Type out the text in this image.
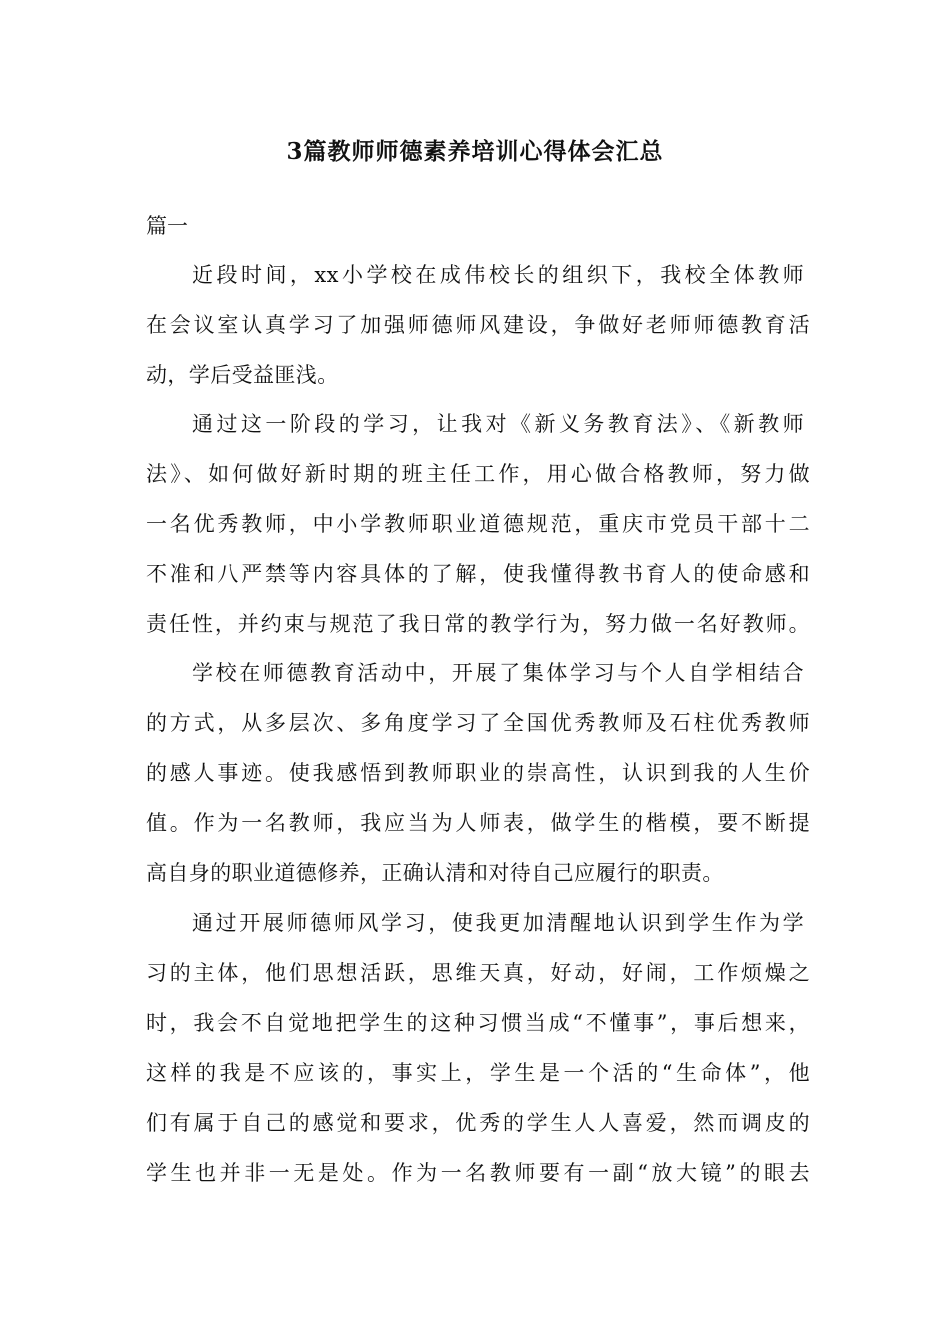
3篇教师师德素养培训心得体会汇总
篇一
近段时间，xx小学校在成伟校长的组织下，我校全体教师
在会议室认真学习了加强师德师风建设，争做好老师师德教育活
动，学后受益匪浅。
通过这一阶段的学习，让我对《新义务教育法》、《新教师
法》、如何做好新时期的班主任工作，用心做合格教师，努力做
一名优秀教师，中小学教师职业道德规范，重庆市党员干部十二
不准和八严禁等内容具体的了解，使我懂得教书育人的使命感和
责任性，并约束与规范了我日常的教学行为，努力做一名好教师。
学校在师德教育活动中，开展了集体学习与个人自学相结合
的方式，从多层次、多角度学习了全国优秀教师及石柱优秀教师
的感人事迹。使我感悟到教师职业的崇高性，认识到我的人生价
值。作为一名教师，我应当为人师表，做学生的楷模，要不断提
高自身的职业道德修养，正确认清和对待自己应履行的职责。
通过开展师德师风学习，使我更加清醒地认识到学生作为学
习的主体，他们思想活跃，思维天真，好动，好闹，工作烦燥之
时，我会不自觉地把学生的这种习惯当成“不懂事”，事后想来，
这样的我是不应该的，事实上，学生是一个活的“生命体”，他
们有属于自己的感觉和要求，优秀的学生人人喜爱，然而调皮的
学生也并非一无是处。作为一名教师要有一副“放大镜”的眼去
